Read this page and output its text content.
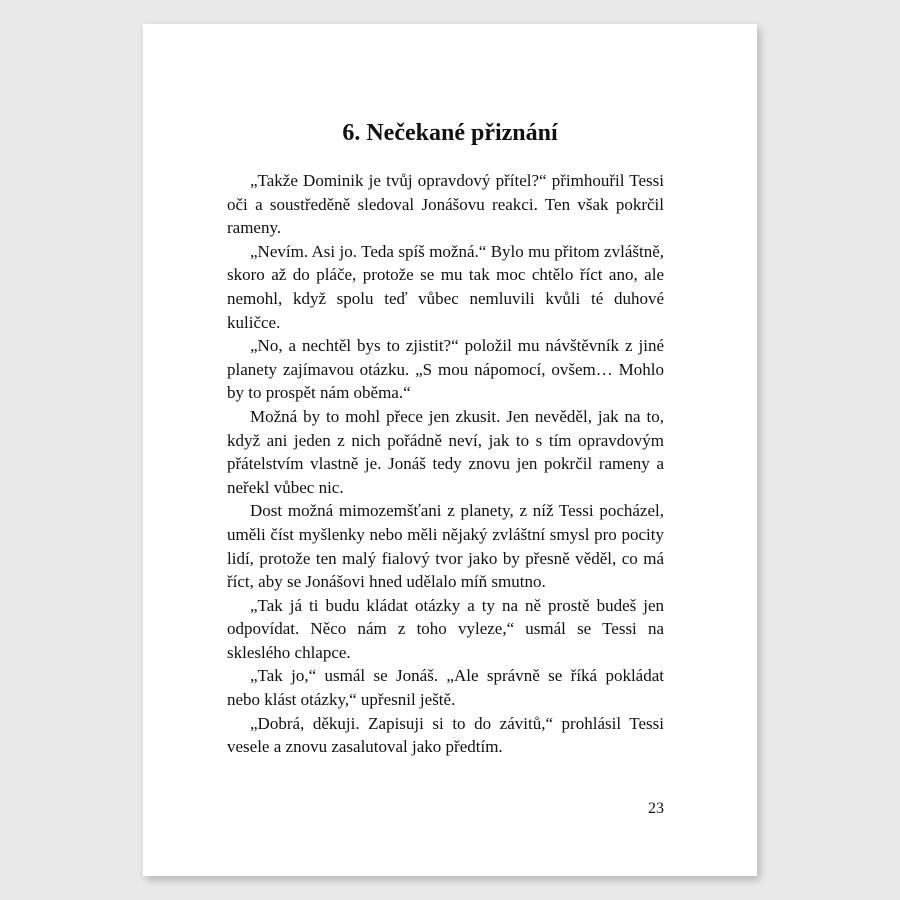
6. Nečekané přiznání

„Takže Dominik je tvůj opravdový přítel?“ přimhouřil Tessi oči a soustředěně sledoval Jonášovu reakci. Ten však pokrčil rameny.

„Nevím. Asi jo. Teda spíš možná.“ Bylo mu přitom zvláštně, skoro až do pláče, protože se mu tak moc chtělo říct ano, ale nemohl, když spolu teď vůbec nemluvili kvůli té duhové kuličce.

„No, a nechtěl bys to zjistit?“ položil mu návštěvník z jiné planety zajímavou otázku. „S mou nápomocí, ovšem… Mohlo by to prospět nám oběma.“

Možná by to mohl přece jen zkusit. Jen nevěděl, jak na to, když ani jeden z nich pořádně neví, jak to s tím opravdovým přátelstvím vlastně je. Jonáš tedy znovu jen pokrčil rameny a neřekl vůbec nic.

Dost možná mimozemšťani z planety, z níž Tessi pocházel, uměli číst myšlenky nebo měli nějaký zvláštní smysl pro pocity lidí, protože ten malý fialový tvor jako by přesně věděl, co má říct, aby se Jonášovi hned udělalo míň smutno.

„Tak já ti budu kládat otázky a ty na ně prostě budeš jen odpovídat. Něco nám z toho vyleze,“ usmál se Tessi na skleslého chlapce.

„Tak jo,“ usmál se Jonáš. „Ale správně se říká pokládat nebo klást otázky,“ upřesnil ještě.

„Dobrá, děkuji. Zapisuji si to do závitů,“ prohlásil Tessi vesele a znovu zasalutoval jako předtím.

23
